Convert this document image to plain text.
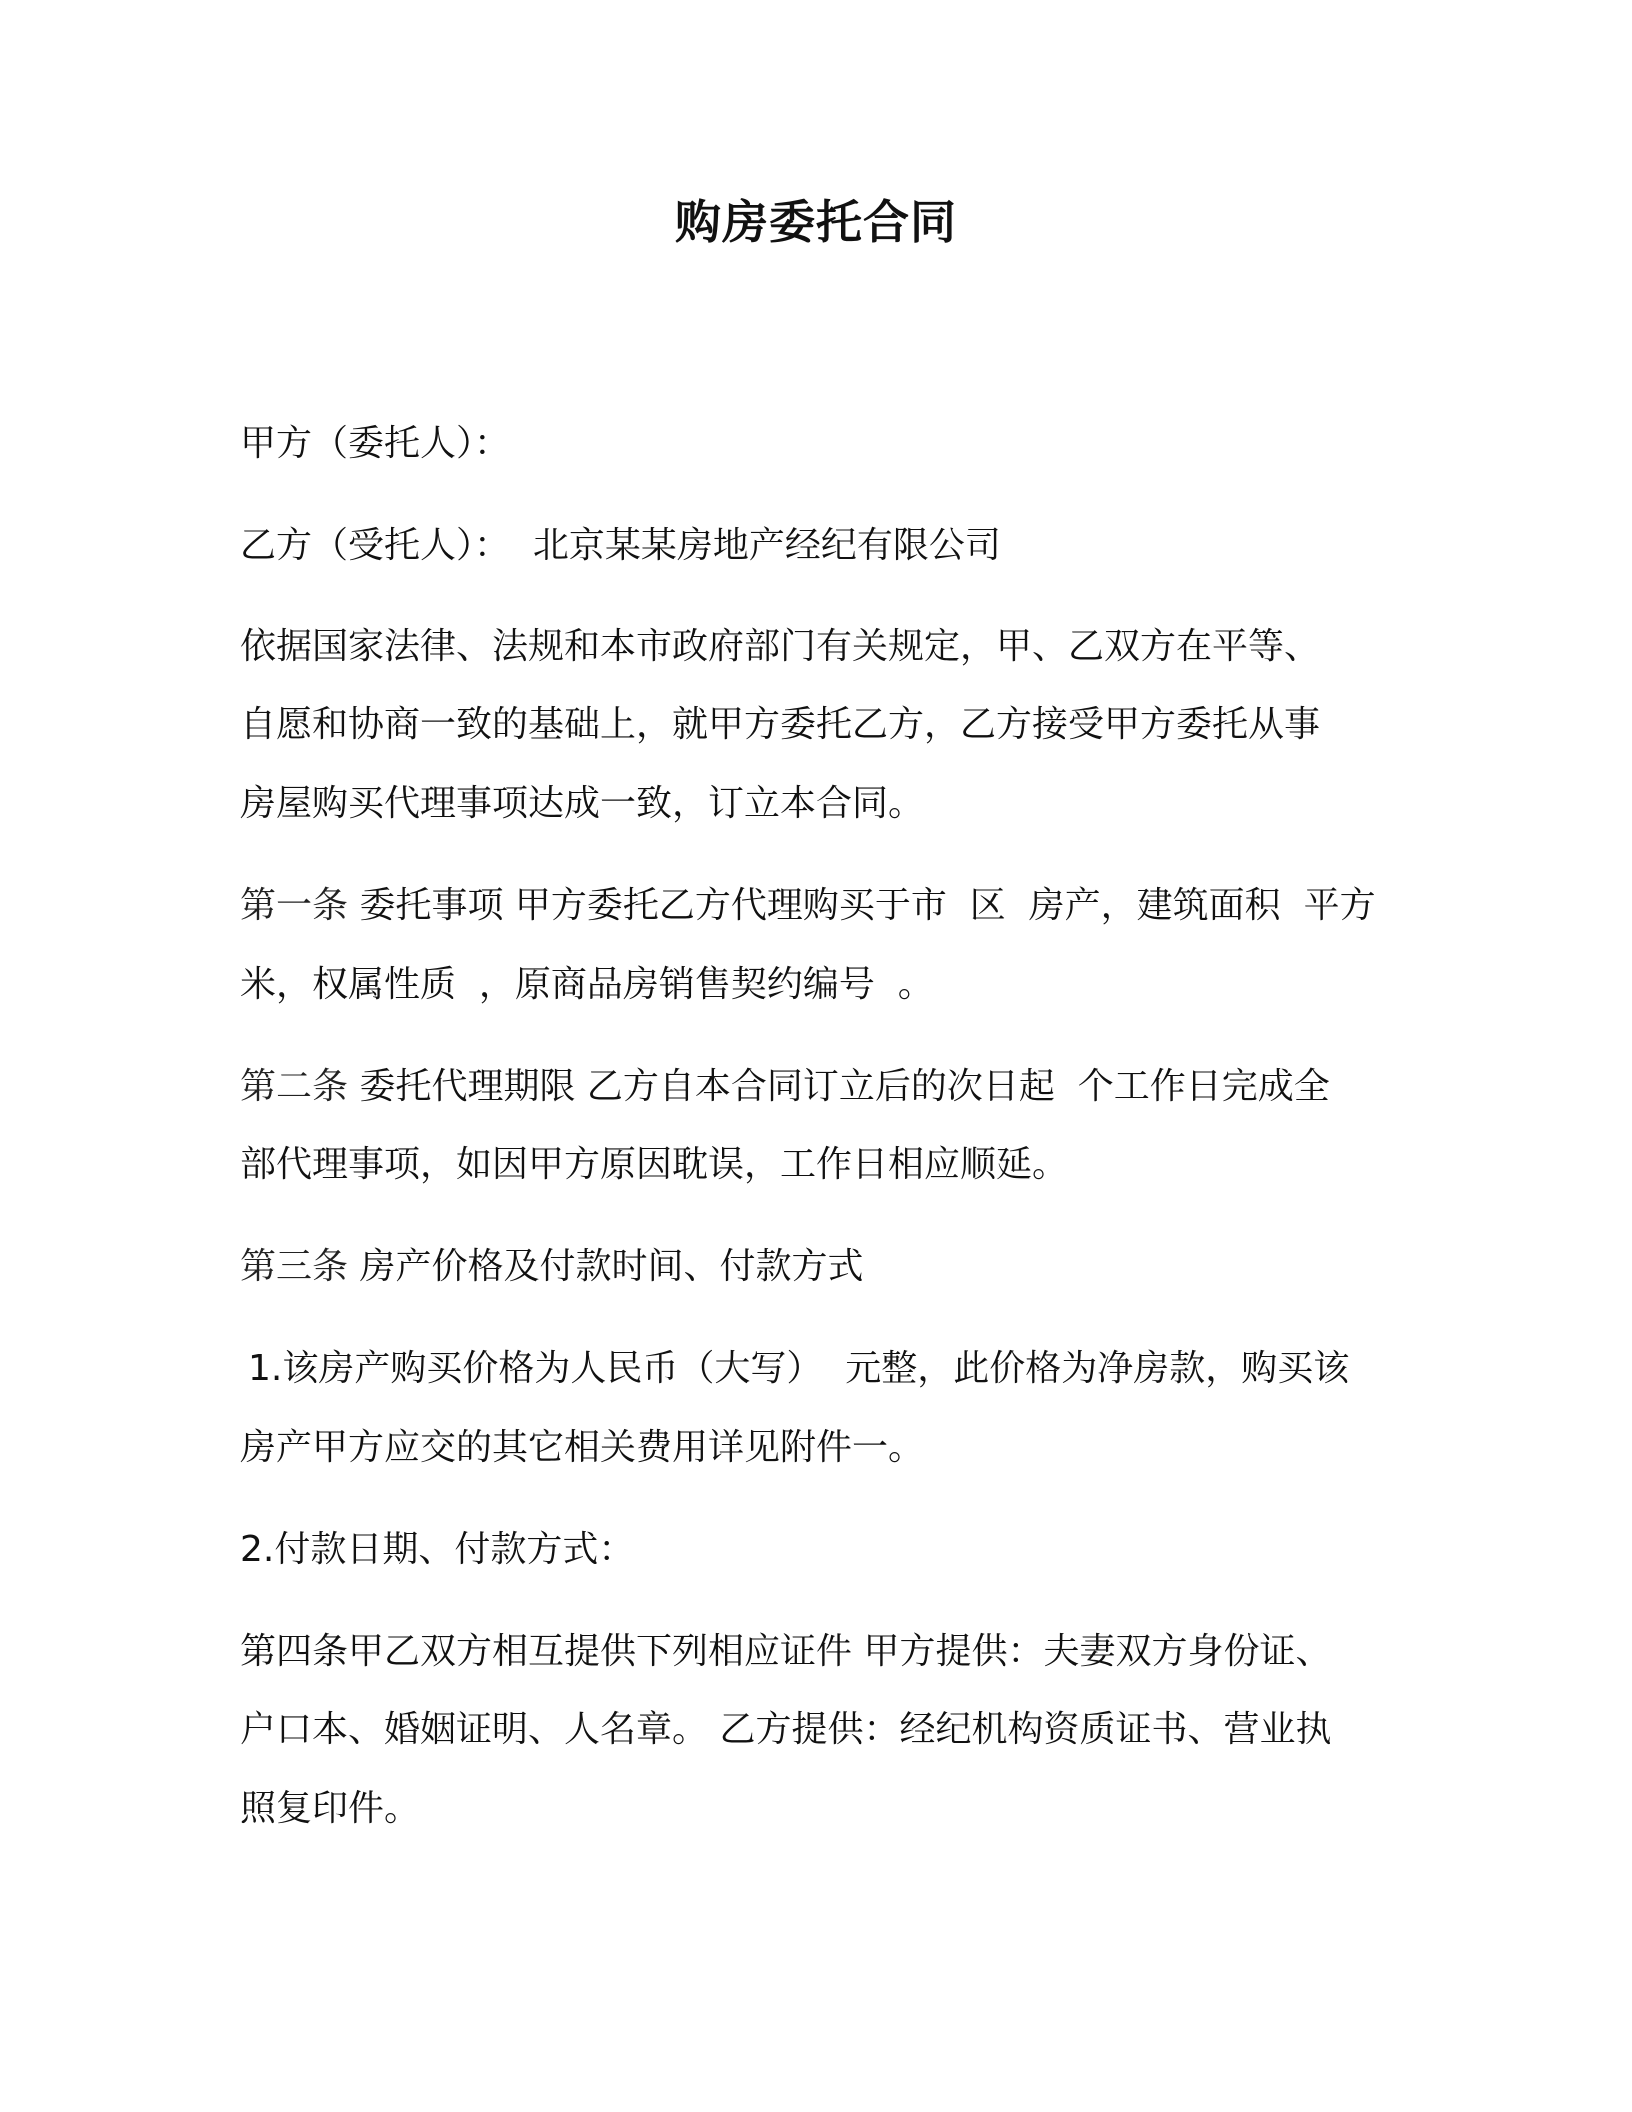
购房委托合同
甲方（委托人）：
乙方（受托人）：  北京某某房地产经纪有限公司
依据国家法律、法规和本市政府部门有关规定，甲、乙双方在平等、
自愿和协商一致的基础上，就甲方委托乙方，乙方接受甲方委托从事
房屋购买代理事项达成一致，订立本合同。
第一条 委托事项 甲方委托乙方代理购买于市  区  房产，建筑面积  平方
米，权属性质  ，原商品房销售契约编号  。
第二条 委托代理期限 乙方自本合同订立后的次日起  个工作日完成全
部代理事项，如因甲方原因耽误，工作日相应顺延。
第三条 房产价格及付款时间、付款方式
1.该房产购买价格为人民币（大写）  元整，此价格为净房款，购买该
房产甲方应交的其它相关费用详见附件一。
2.付款日期、付款方式：
第四条甲乙双方相互提供下列相应证件 甲方提供：夫妻双方身份证、
户口本、婚姻证明、人名章。 乙方提供：经纪机构资质证书、营业执
照复印件。
